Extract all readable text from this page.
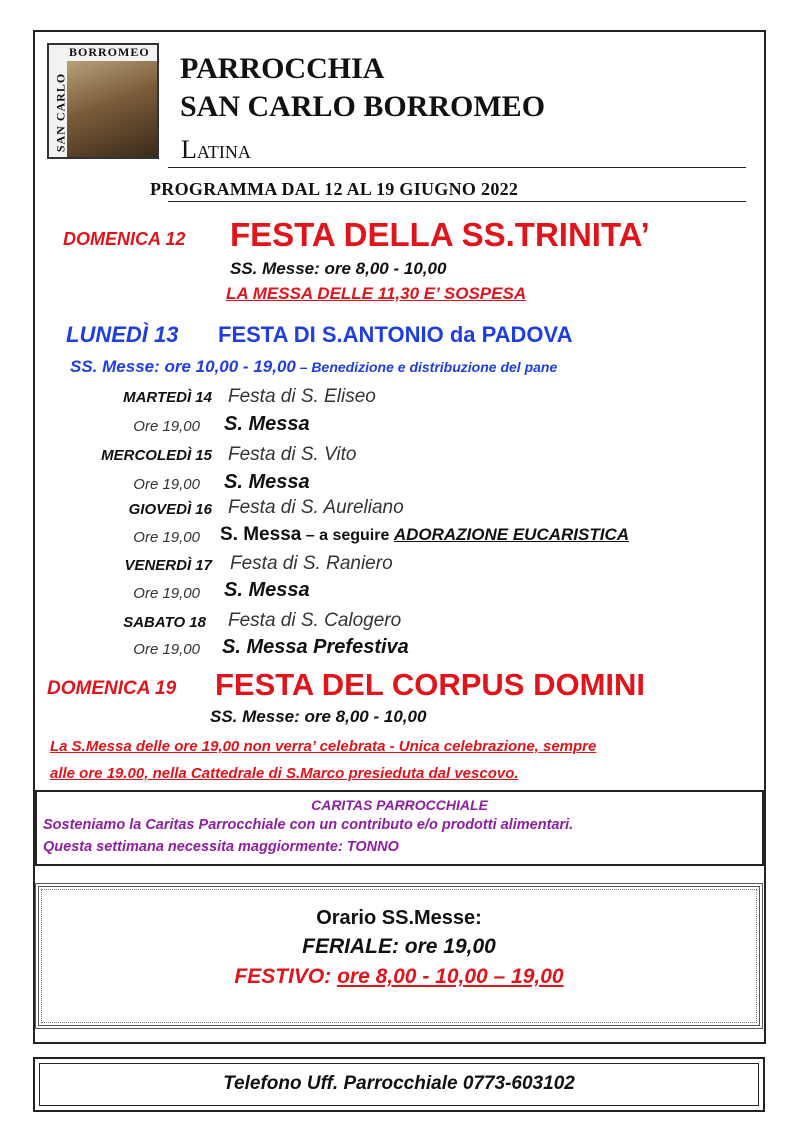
BORROMEO
SAN CARLO
PARROCCHIA
SAN CARLO BORROMEO
Latina
PROGRAMMA DAL 12 AL 19 GIUGNO 2022
DOMENICA 12 FESTA DELLA SS.TRINITA’
SS. Messe: ore 8,00 - 10,00
LA MESSA DELLE 11,30 E’ SOSPESA
LUNEDÌ 13 FESTA DI S.ANTONIO da PADOVA
SS. Messe: ore 10,00 - 19,00 – Benedizione e distribuzione del pane
MARTEDÌ 14 Festa di S. Eliseo
Ore 19,00 S. Messa
MERCOLEDÌ 15 Festa di S. Vito
Ore 19,00 S. Messa
GIOVEDÌ 16 Festa di S. Aureliano
Ore 19,00 S. Messa – a seguire ADORAZIONE EUCARISTICA
VENERDÌ 17 Festa di S. Raniero
Ore 19,00 S. Messa
SABATO 18 Festa di S. Calogero
Ore 19,00 S. Messa Prefestiva
DOMENICA 19 FESTA DEL CORPUS DOMINI
SS. Messe: ore 8,00 - 10,00
La S.Messa delle ore 19,00 non verra’ celebrata - Unica celebrazione, sempre
alle ore 19.00, nella Cattedrale di S.Marco presieduta dal vescovo.
CARITAS PARROCCHIALE
Sosteniamo la Caritas Parrocchiale con un contributo e/o prodotti alimentari.
Questa settimana necessita maggiormente: TONNO
Orario SS.Messe:
FERIALE: ore 19,00
FESTIVO: ore 8,00 - 10,00 – 19,00
Telefono Uff. Parrocchiale 0773-603102
